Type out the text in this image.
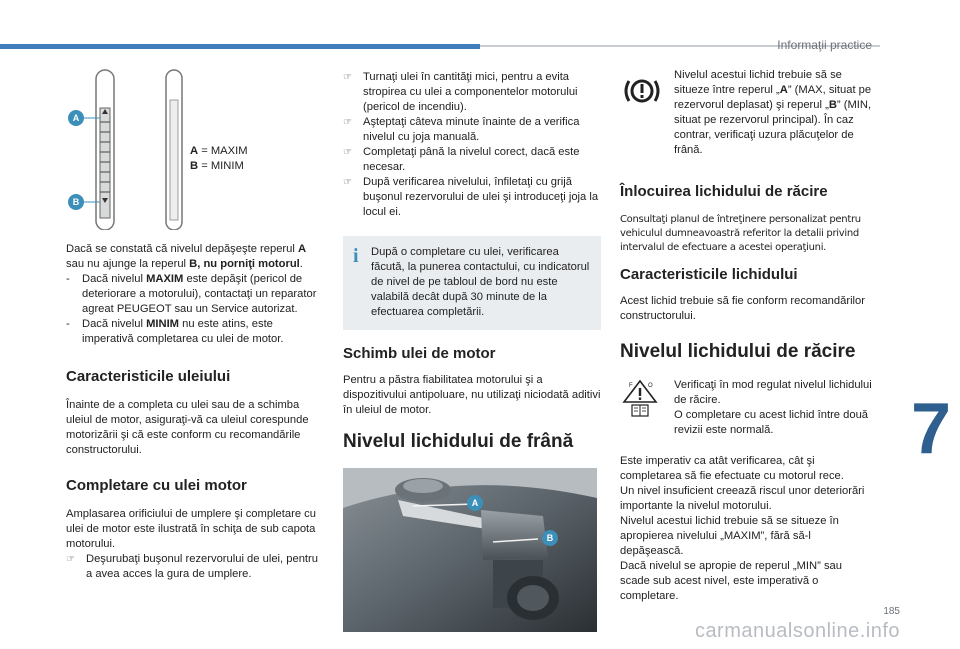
Informaţii practice
7
A
B
A = MAXIM
B = MINIM

Dacă se constată că nivelul depăşeşte reperul A sau nu ajunge la reperul B, nu porniţi motorul.

- Dacă nivelul MAXIM este depăşit (pericol de deteriorare a motorului), contactaţi un reparator agreat PEUGEOT sau un Service autorizat.
- Dacă nivelul MINIM nu este atins, este imperativă completarea cu ulei de motor.
Caracteristicile uleiului

Înainte de a completa cu ulei sau de a schimba uleiul de motor, asiguraţi-vă ca uleiul corespunde motorizării şi că este conform cu recomandările constructorului.

Completare cu ulei motor

Amplasarea orificiului de umplere şi completare cu ulei de motor este ilustrată în schiţa de sub capota motorului.

☞ Deşurubaţi buşonul rezervorului de ulei, pentru a avea acces la gura de umplere.
☞ Turnaţi ulei în cantităţi mici, pentru a evita stropirea cu ulei a componentelor motorului (pericol de incendiu).
☞ Aşteptaţi câteva minute înainte de a verifica nivelul cu joja manuală.
☞ Completaţi până la nivelul corect, dacă este necesar.
☞ După verificarea nivelului, înfiletaţi cu grijă buşonul rezervorului de ulei şi introduceţi joja la locul ei.
i	După o completare cu ulei, verificarea făcută, la punerea contactului, cu indicatorul de nivel de pe tabloul de bord nu este valabilă decât după 30 minute de la efectuarea completării.

Schimb ulei de motor

Pentru a păstra fiabilitatea motorului şi a dispozitivului antipoluare, nu utilizaţi niciodată aditivi în uleiul de motor.

Nivelul lichidului de frână
A
B

Nivelul acestui lichid trebuie să se situeze între reperul „A” (MAX, situat pe rezervorul deplasat) şi reperul „B” (MIN, situat pe rezervorul principal). În caz contrar, verificaţi uzura plăcuţelor de frână.

Înlocuirea lichidului de răcire

Consultaţi planul de întreţinere personalizat pentru vehiculul dumneavoastră referitor la detalii privind intervalul de efectuare a acestei operaţiuni.

Caracteristicile lichidului

Acest lichid trebuie să fie conform recomandărilor constructorului.

Nivelul lichidului de răcire
F	O Verificaţi în mod regulat nivelul lichidului de răcire.
O completare cu acest lichid între două revizii este normală.

Este imperativ ca atât verificarea, cât şi completarea să fie efectuate cu motorul rece.
Un nivel insuficient creează riscul unor deteriorări importante la nivelul motorului.
Nivelul acestui lichid trebuie să se situeze în apropierea nivelului „MAXIM”, fără să-l depăşească.
Dacă nivelul se apropie de reperul „MIN” sau scade sub acest nivel, este imperativă o completare.

185
carmanualsonline.info
